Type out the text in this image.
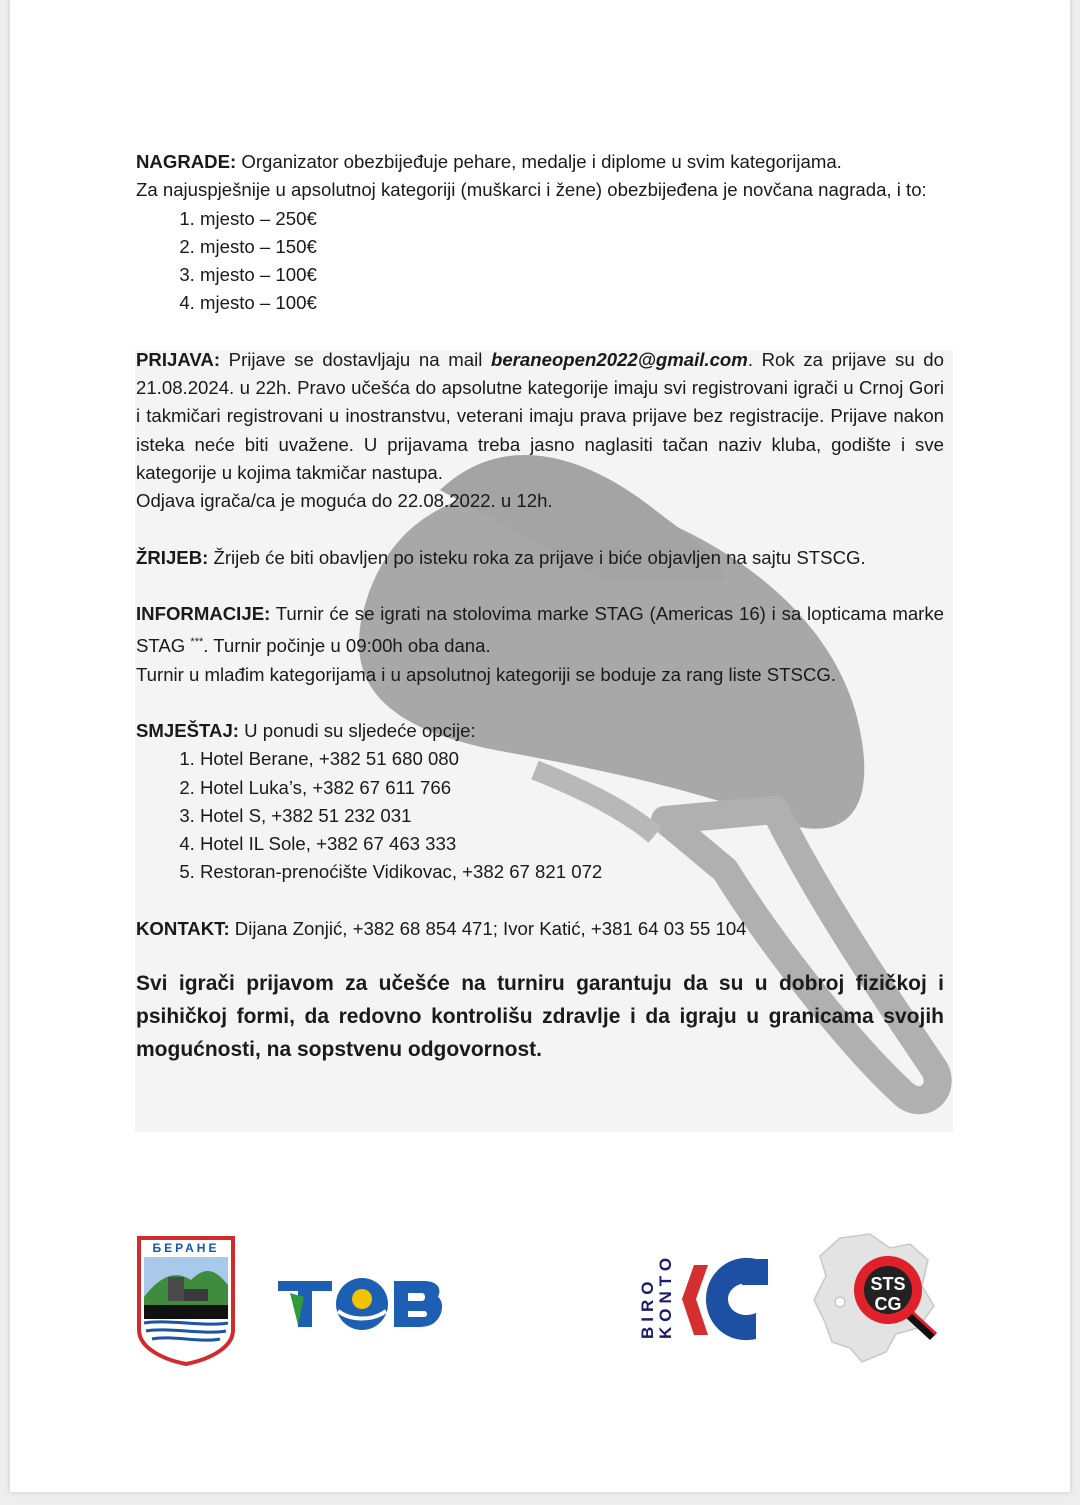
NAGRADE: Organizator obezbijeđuje pehare, medalje i diplome u svim kategorijama.
Za najuspješnije u apsolutnoj kategoriji (muškarci i žene) obezbijeđena je novčana nagrada, i to:

1. mjesto – 250€
2. mjesto – 150€
3. mjesto – 100€
4. mjesto – 100€

PRIJAVA: Prijave se dostavljaju na mail beraneopen2022@gmail.com. Rok za prijave su do 21.08.2024. u 22h. Pravo učešća do apsolutne kategorije imaju svi registrovani igrači u Crnoj Gori i takmičari registrovani u inostranstvu, veterani imaju prava prijave bez registracije. Prijave nakon isteka neće biti uvažene. U prijavama treba jasno naglasiti tačan naziv kluba, godište i sve kategorije u kojima takmičar nastupa.

Odjava igrača/ca je moguća do 22.08.2022. u 12h.

ŽRIJEB: Žrijeb će biti obavljen po isteku roka za prijave i biće objavljen na sajtu STSCG.

INFORMACIJE: Turnir će se igrati na stolovima marke STAG (Americas 16) i sa lopticama marke STAG ***. Turnir počinje u 09:00h oba dana.

Turnir u mlađim kategorijama i u apsolutnoj kategoriji se boduje za rang liste STSCG.

SMJEŠTAJ: U ponudi su sljedeće opcije:

1. Hotel Berane, +382 51 680 080
2. Hotel Luka’s, +382 67 611 766
3. Hotel S, +382 51 232 031
4. Hotel IL Sole, +382 67 463 333
5. Restoran-prenoćište Vidikovac, +382 67 821 072

KONTAKT: Dijana Zonjić, +382 68 854 471; Ivor Katić, +381 64 03 55 104

Svi igrači prijavom za učešće na turniru garantuju da su u dobroj fizičkoj i psihičkoj formi, da redovno kontrolišu zdravlje i da igraju u granicama svojih mogućnosti, na sopstvenu odgovornost.

БЕРАНЕ
BIRO KONTO	STS
CG
